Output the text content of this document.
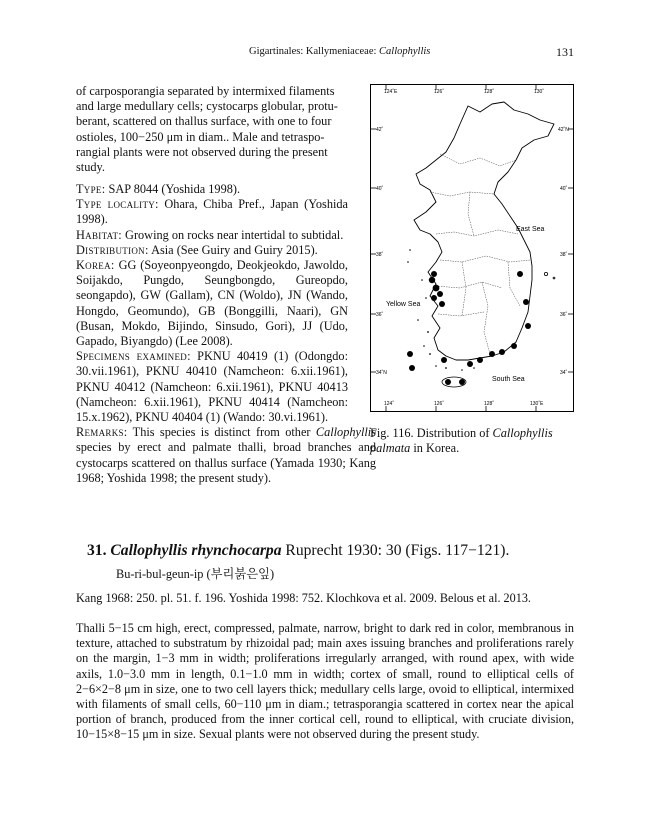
Gigartinales: Kallymeniaceae: Callophyllis	131
of carposporangia separated by intermixed filaments
and large medullary cells; cystocarps globular, protu-
berant, scattered on thallus surface, with one to four
ostioles, 100−250 μm in diam.. Male and tetraspo-
rangial plants were not observed during the present
study.

Type: SAP 8044 (Yoshida 1998).

Type locality: Ohara, Chiba Pref., Japan (Yoshida 1998).

Habitat: Growing on rocks near intertidal to subtidal.

Distribution: Asia (See Guiry and Guiry 2015).

Korea: GG (Soyeonpyeongdo, Deokjeokdo, Jawoldo, Soijakdo, Pungdo, Seungbongdo, Gureopdo, seongapdo), GW (Gallam), CN (Woldo), JN (Wando, Hongdo, Geomundo), GB (Bonggilli, Naari), GN (Busan, Mokdo, Bijindo, Sinsudo, Gori), JJ (Udo, Gapado, Biyangdo) (Lee 2008).

Specimens examined: PKNU 40419 (1) (Odongdo: 30.vii.1961), PKNU 40410 (Namcheon: 6.xii.1961), PKNU 40412 (Namcheon: 6.xii.1961), PKNU 40413 (Namcheon: 6.xii.1961), PKNU 40414 (Namcheon: 15.x.1962), PKNU 40404 (1) (Wando: 30.vi.1961).

Remarks: This species is distinct from other Callophyllis species by erect and palmate thalli, broad branches and cystocarps scattered on thallus surface (Yamada 1930; Kang 1968; Yoshida 1998; the present study).

124˚E	126˚	128˚	130˚
124˚	126˚	128˚	130˚E
42˚
40˚
38˚
36˚
34˚N
42˚N
40˚
38˚
36˚
34˚
East Sea
Yellow Sea
South Sea
Fig. 116. Distribution of Callophyllis palmata in Korea.
31. Callophyllis rhynchocarpa Ruprecht 1930: 30 (Figs. 117−121).
Bu-ri-bul-geun-ip (부리붉은잎)
Kang 1968: 250. pl. 51. f. 196. Yoshida 1998: 752. Klochkova et al. 2009. Belous et al. 2013.
Thalli 5−15 cm high, erect, compressed, palmate, narrow, bright to dark red in color, membranous in texture, attached to substratum by rhizoidal pad; main axes issuing branches and proliferations rarely on the margin, 1−3 mm in width; proliferations irregularly arranged, with round apex, with wide axils, 1.0−3.0 mm in length, 0.1−1.0 mm in width; cortex of small, round to elliptical cells of 2−6×2−8 μm in size, one to two cell layers thick; medullary cells large, ovoid to elliptical, intermixed with filaments of small cells, 60−110 μm in diam.; tetrasporangia scattered in cortex near the apical portion of branch, produced from the inner cortical cell, round to elliptical, with cruciate division, 10−15×8−15 μm in size. Sexual plants were not observed during the present study.
